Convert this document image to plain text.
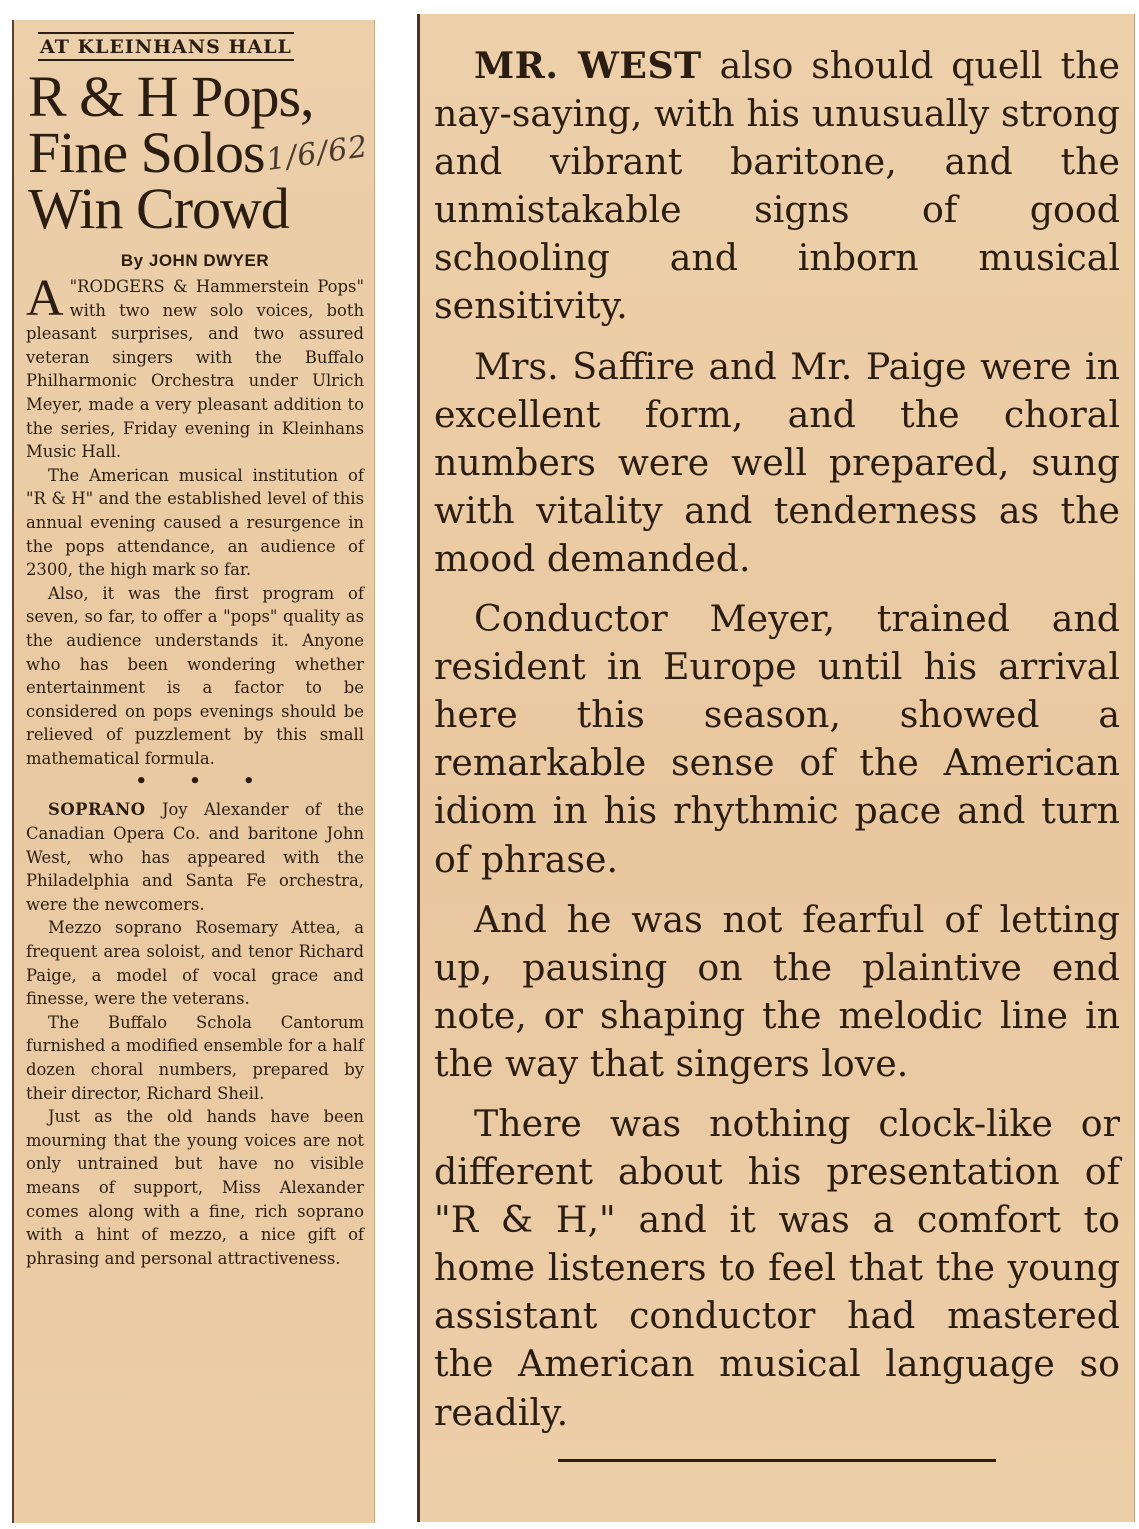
AT KLEINHANS HALL
R & H Pops,
Fine Solos
Win Crowd
1/6/62
By JOHN DWYER

A "RODGERS & Hammerstein Pops" with two new solo voices, both pleasant surprises, and two assured veteran singers with the Buffalo Philharmonic Orchestra under Ulrich Meyer, made a very pleasant addition to the series, Friday evening in Kleinhans Music Hall.

The American musical institution of "R & H" and the established level of this annual evening caused a resurgence in the pops attendance, an audience of 2300, the high mark so far.

Also, it was the first program of seven, so far, to offer a "pops" quality as the audience understands it. Anyone who has been wondering whether entertainment is a factor to be considered on pops evenings should be relieved of puzzlement by this small mathematical formula.

• • •

SOPRANO Joy Alexander of the Canadian Opera Co. and baritone John West, who has appeared with the Philadelphia and Santa Fe orchestra, were the newcomers.

Mezzo soprano Rosemary Attea, a frequent area soloist, and tenor Richard Paige, a model of vocal grace and finesse, were the veterans.

The Buffalo Schola Cantorum furnished a modified ensemble for a half dozen choral numbers, prepared by their director, Richard Sheil.

Just as the old hands have been mourning that the young voices are not only untrained but have no visible means of support, Miss Alexander comes along with a fine, rich soprano with a hint of mezzo, a nice gift of phrasing and personal attractiveness.

MR. WEST also should quell the nay-saying, with his unusually strong and vibrant baritone, and the unmistakable signs of good schooling and inborn musical sensitivity.

Mrs. Saffire and Mr. Paige were in excellent form, and the choral numbers were well prepared, sung with vitality and tenderness as the mood demanded.

Conductor Meyer, trained and resident in Europe until his arrival here this season, showed a remarkable sense of the American idiom in his rhythmic pace and turn of phrase.

And he was not fearful of letting up, pausing on the plaintive end note, or shaping the melodic line in the way that singers love.

There was nothing clock-like or different about his presentation of "R & H," and it was a comfort to home listeners to feel that the young assistant conductor had mastered the American musical language so readily.
